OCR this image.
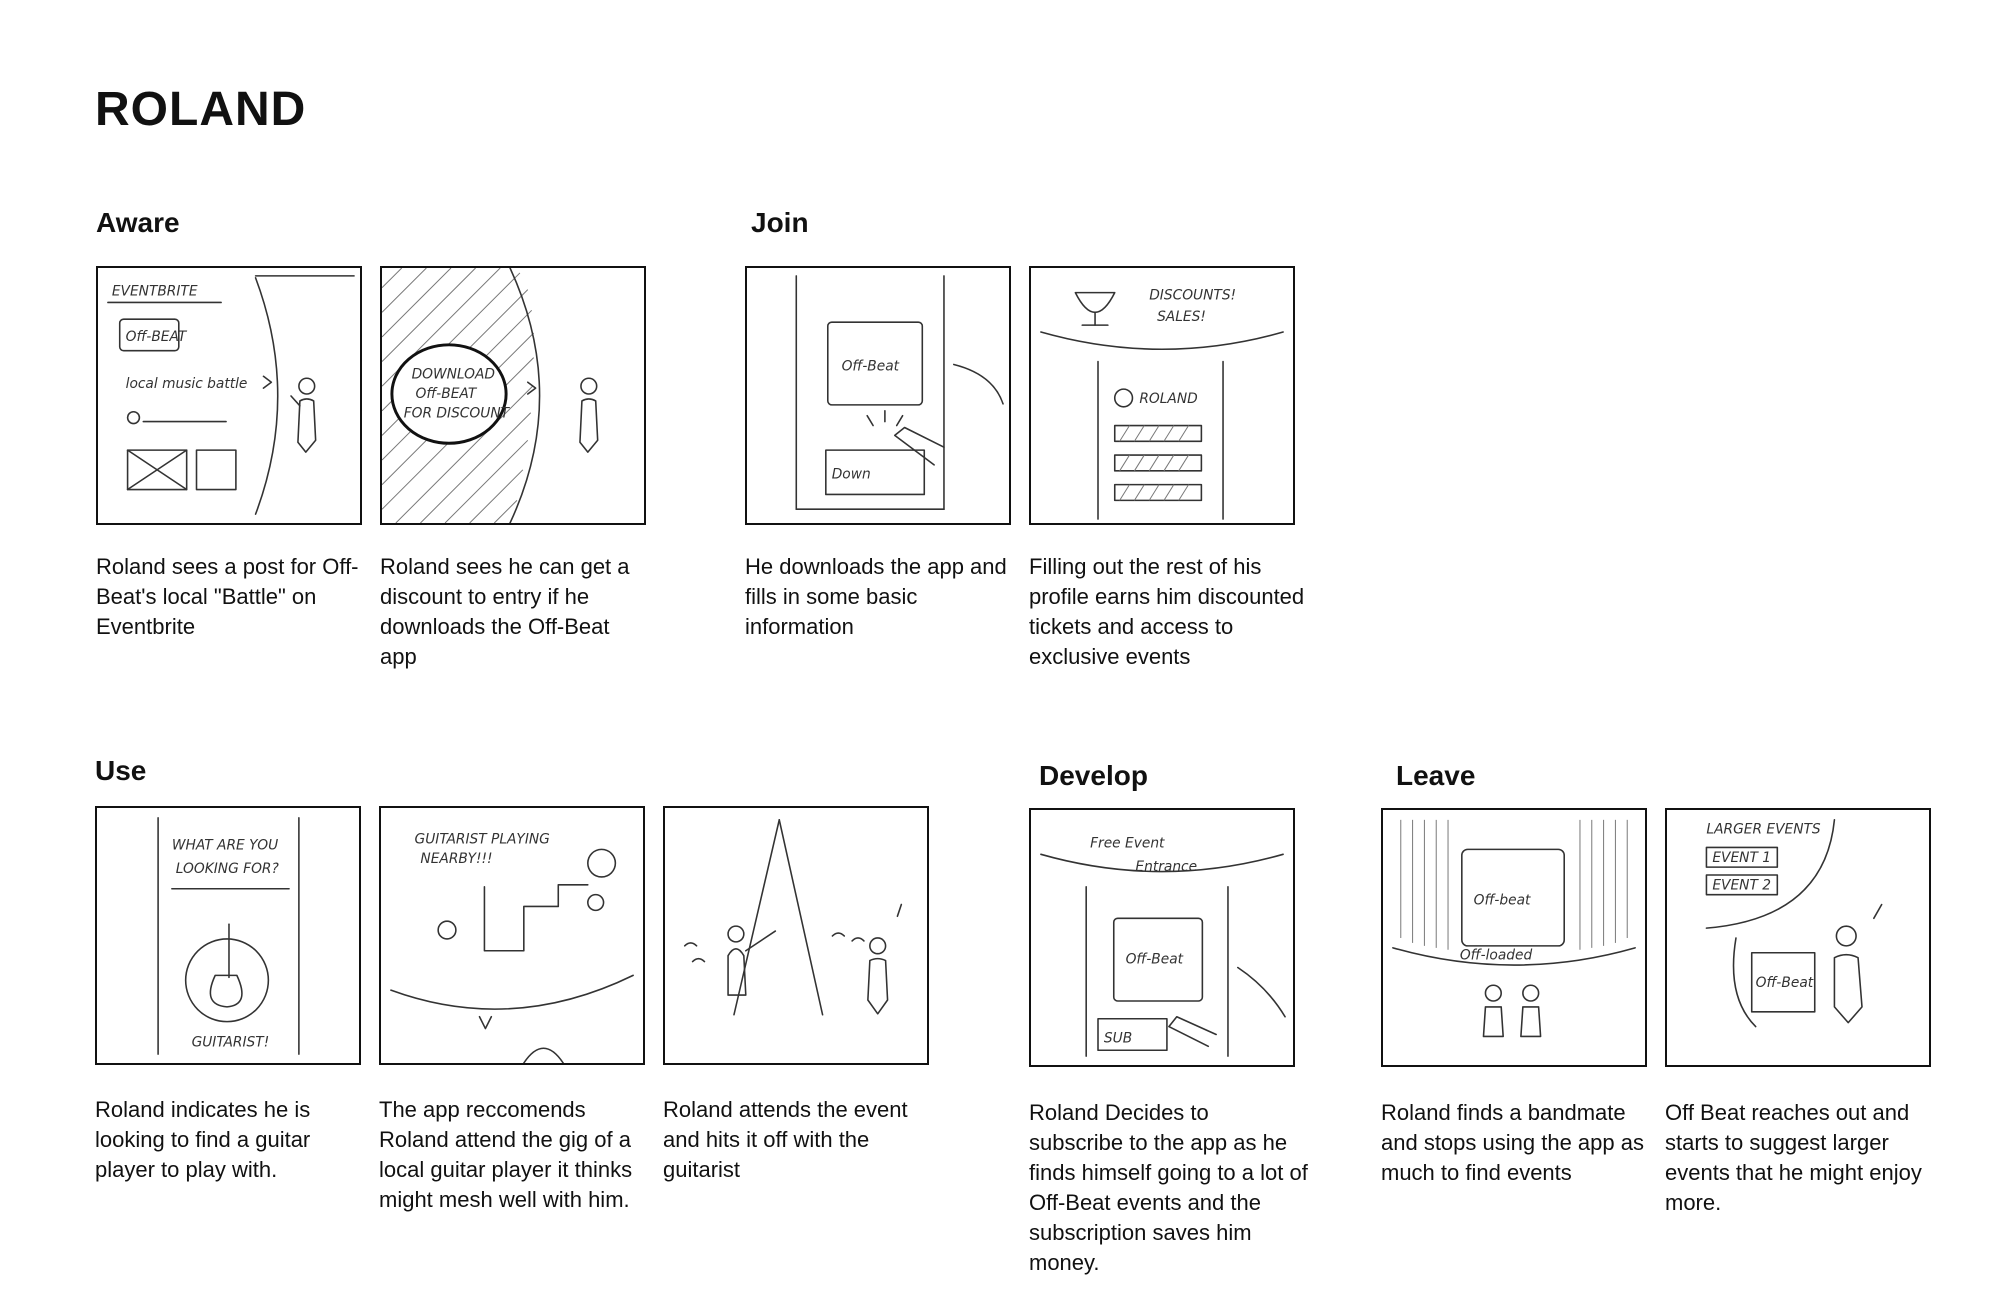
ROLAND
Aware	Join
Use	Develop	Leave
EVENTBRITE
Off-BEAT
local music battle
DOWNLOAD
Off-BEAT
FOR DISCOUNT
Off-Beat
Down
DISCOUNTS!
SALES!
ROLAND
WHAT ARE YOU
LOOKING FOR?
GUITARIST!
GUITARIST PLAYING
NEARBY!!!
Free Event
Entrance
Off-Beat
SUB
Off-beat
Off-loaded
LARGER EVENTS
EVENT 1
EVENT 2
Off-Beat

Roland sees a post for Off-Beat's local "Battle" on Eventbrite

Roland sees he can get a discount to entry if he downloads the Off-Beat app

He downloads the app and fills in some basic information

Filling out the rest of his profile earns him discounted tickets and access to exclusive events

Roland indicates he is looking to find a guitar player to play with.

The app reccomends Roland attend the gig of a local guitar player it thinks might mesh well with him.

Roland attends the event and hits it off with the guitarist

Roland Decides to subscribe to the app as he finds himself going to a lot of Off-Beat events and the subscription saves him money.

Roland finds a bandmate and stops using the app as much to find events

Off Beat reaches out and starts to suggest larger events that he might enjoy more.
